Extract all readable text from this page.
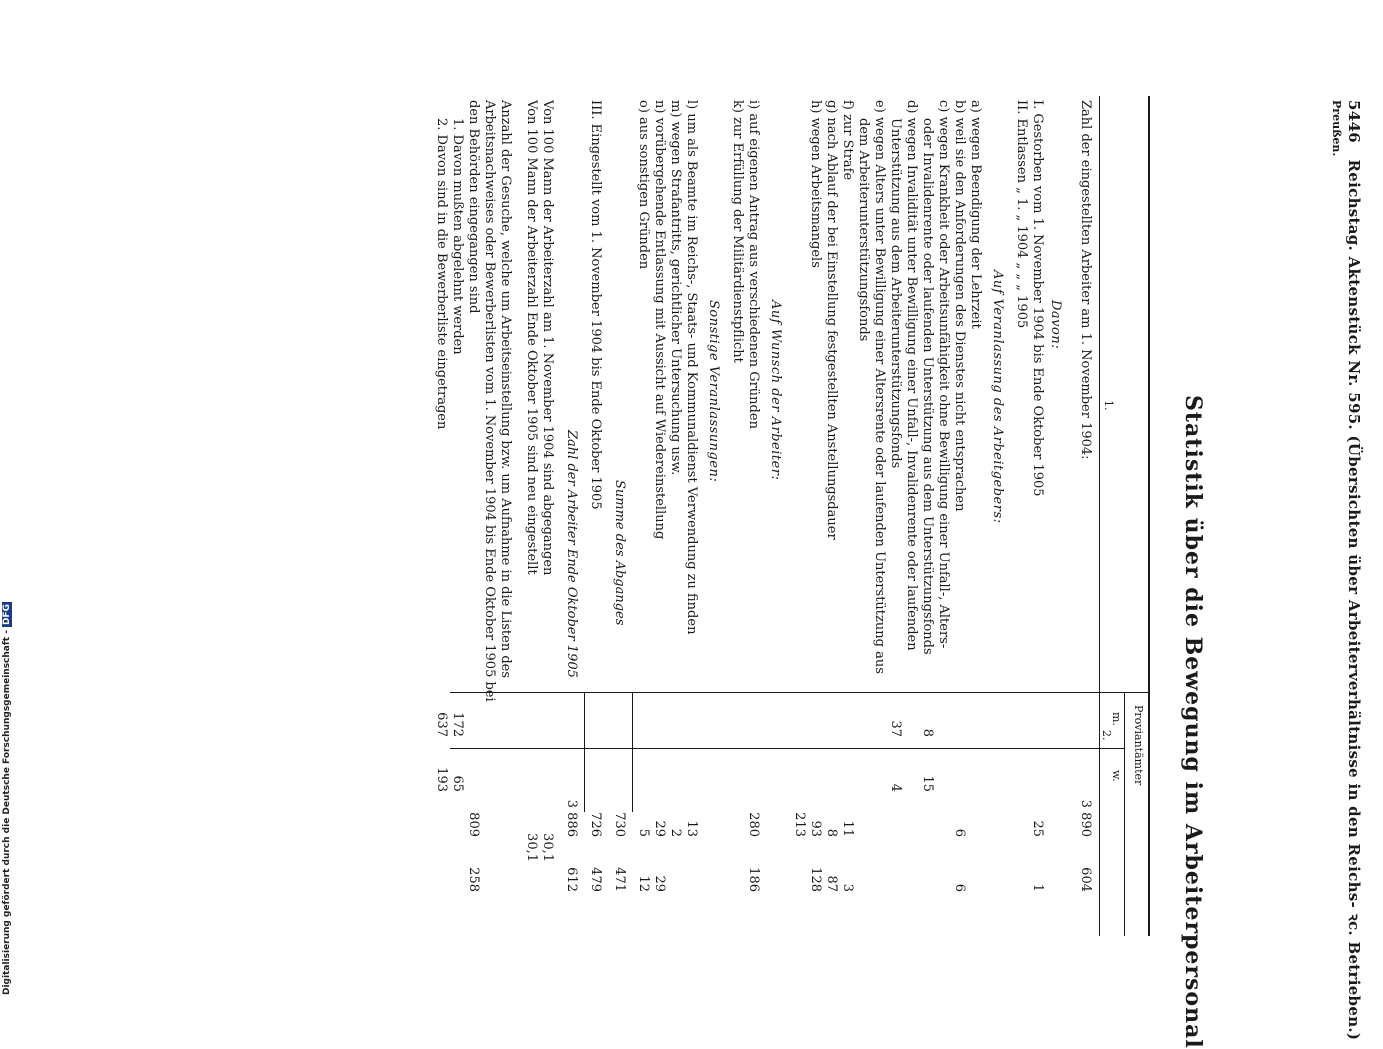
5446   Reichstag. Aktenstück Nr. 595. (Übersichten über Arbeiterverhältnisse in den Reichs- ꝛc. Betrieben.)
Preußen.
Statistik über die Bewegung im Arbeiterpersonal
1.
2. Proviantämter
m.
w.
Zahl der eingestellten Arbeiter am 1. November 1904:
3 890
604
Davon:
I. Gestorben vom 1. November 1904 bis Ende Oktober 1905
25
1
II. Entlassen „ 1. „ 1904 „ „ „ 1905
Auf Veranlassung des Arbeitgebers:
a) wegen Beendigung der Lehrzeit
b) weil sie den Anforderungen des Dienstes nicht entsprachen
6
6
c) wegen Krankheit oder Arbeitsunfähigkeit ohne Bewilligung einer Unfall-, Alters-
oder Invalidenrente oder laufenden Unterstützung aus dem Unterstützungsfonds
8
15
d) wegen Invalidität unter Bewilligung einer Unfall-, Invalidenrente oder laufenden
Unterstützung aus dem Arbeiterunterstützungsfonds
37
4
e) wegen Alters unter Bewilligung einer Altersrente oder laufenden Unterstützung aus
dem Arbeiterunterstützungsfonds
f) zur Strafe
11
3
g) nach Ablauf der bei Einstellung festgestellten Anstellungsdauer
8
87
h) wegen Arbeitsmangels
93
128
213
Auf Wunsch der Arbeiter:
i) auf eigenen Antrag aus verschiedenen Gründen
280
186
k) zur Erfüllung der Militärdienstpflicht
Sonstige Veranlassungen:
l) um als Beamte im Reichs-, Staats- und Kommunaldienst Verwendung zu finden
13
m) wegen Strafantritts, gerichtlicher Untersuchung usw.
2
n) vorübergehende Entlassung mit Aussicht auf Wiedereinstellung
29
29
o) aus sonstigen Gründen
5
12
Summe des Abganges
730
471
III. Eingestellt vom 1. November 1904 bis Ende Oktober 1905
726
479
Zahl der Arbeiter Ende Oktober 1905
3 886
612
Von 100 Mann der Arbeiterzahl am 1. November 1904 sind abgegangen
30,1
Von 100 Mann der Arbeiterzahl Ende Oktober 1905 sind neu eingestellt
30,1
Anzahl der Gesuche, welche um Arbeitseinstellung bzw. um Aufnahme in die Listen des
Arbeitsnachweises oder Bewerberlisten vom 1. November 1904 bis Ende Oktober 1905 bei
den Behörden eingegangen sind
809
258
1. Davon mußten abgelehnt werden
172
65
2. Davon sind in die Bewerberliste eingetragen
637
193
Digitalisierung gefördert durch die Deutsche Forschungsgemeinschaft -DFG
